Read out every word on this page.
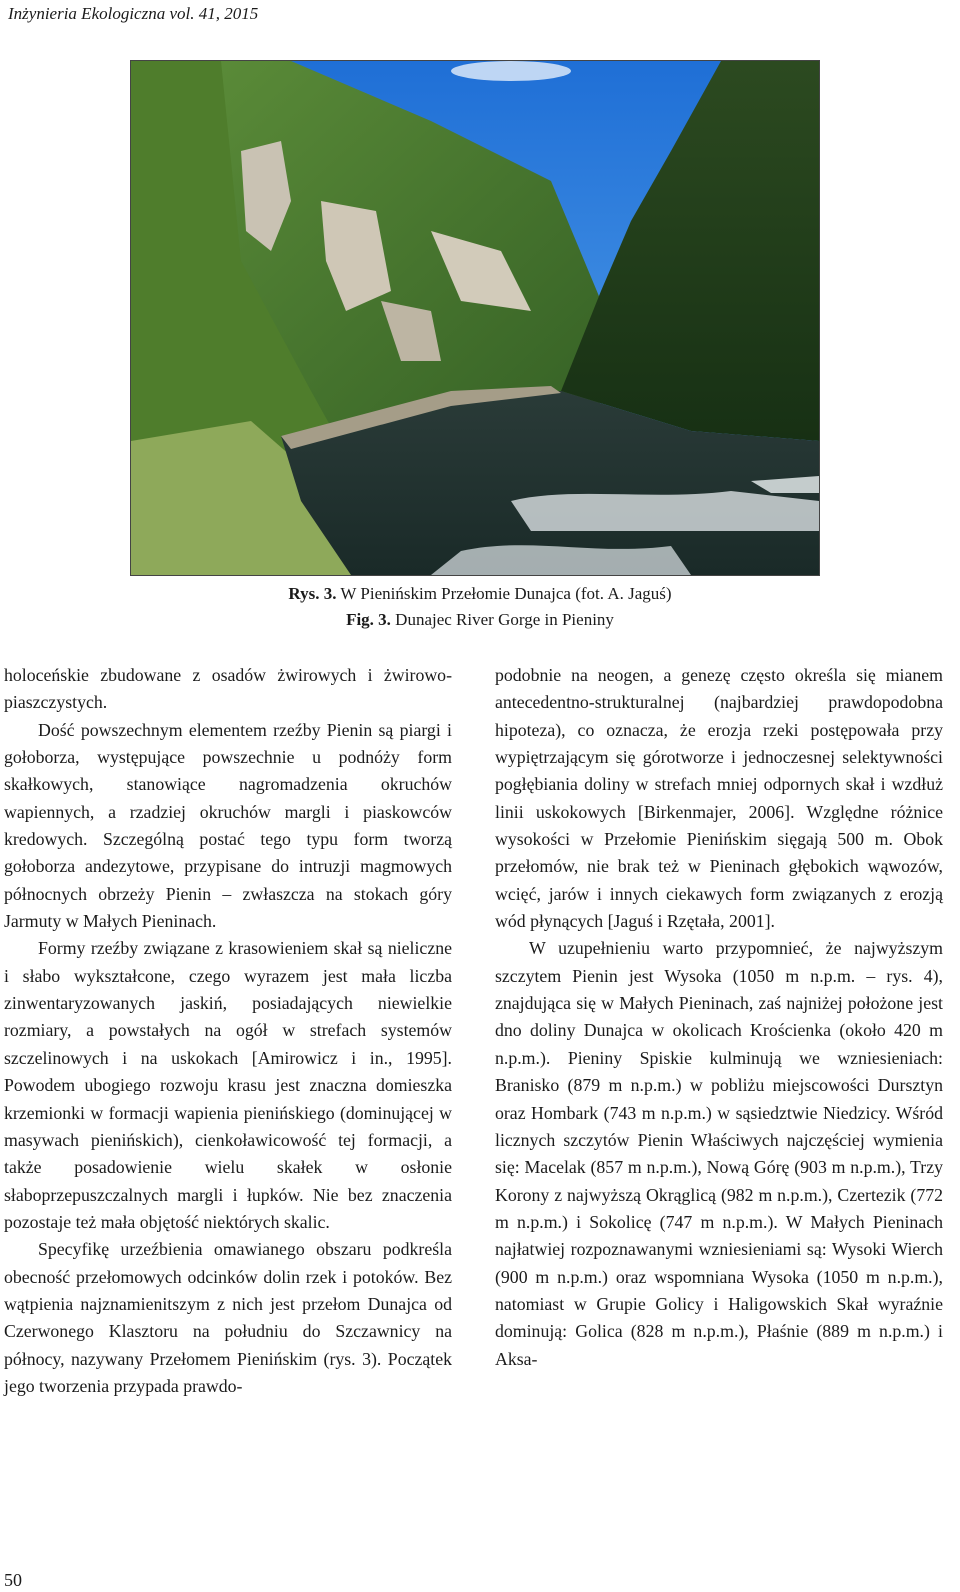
Inżynieria Ekologiczna vol. 41, 2015
Rys. 3. W Pienińskim Przełomie Dunajca (fot. A. Jaguś)
Fig. 3. Dunajec River Gorge in Pieniny

holoceńskie zbudowane z osadów żwirowych i żwirowo-piaszczystych.

Dość powszechnym elementem rzeźby Pienin są piargi i gołoborza, występujące powszechnie u podnóży form skałkowych, stanowiące nagromadzenia okruchów wapiennych, a rzadziej okruchów margli i piaskowców kredowych. Szczególną postać tego typu form tworzą gołoborza andezytowe, przypisane do intruzji magmowych północnych obrzeży Pienin – zwłaszcza na stokach góry Jarmuty w Małych Pieninach.

Formy rzeźby związane z krasowieniem skał są nieliczne i słabo wykształcone, czego wyrazem jest mała liczba zinwentaryzowanych jaskiń, posiadających niewielkie rozmiary, a powstałych na ogół w strefach systemów szczelinowych i na uskokach [Amirowicz i in., 1995]. Powodem ubogiego rozwoju krasu jest znaczna domieszka krzemionki w formacji wapienia pienińskiego (dominującej w masywach pienińskich), cienkoławicowość tej formacji, a także posadowienie wielu skałek w osłonie słaboprzepuszczalnych margli i łupków. Nie bez znaczenia pozostaje też mała objętość niektórych skalic.

Specyfikę urzeźbienia omawianego obszaru podkreśla obecność przełomowych odcinków dolin rzek i potoków. Bez wątpienia najznamienitszym z nich jest przełom Dunajca od Czerwonego Klasztoru na południu do Szczawnicy na północy, nazywany Przełomem Pienińskim (rys. 3). Początek jego tworzenia przypada prawdo-

podobnie na neogen, a genezę często określa się mianem antecedentno-strukturalnej (najbardziej prawdopodobna hipoteza), co oznacza, że erozja rzeki postępowała przy wypiętrzającym się górotworze i jednoczesnej selektywności pogłębiania doliny w strefach mniej odpornych skał i wzdłuż linii uskokowych [Birkenmajer, 2006]. Względne różnice wysokości w Przełomie Pienińskim sięgają 500 m. Obok przełomów, nie brak też w Pieninach głębokich wąwozów, wcięć, jarów i innych ciekawych form związanych z erozją wód płynących [Jaguś i Rzętała, 2001].

W uzupełnieniu warto przypomnieć, że najwyższym szczytem Pienin jest Wysoka (1050 m n.p.m. – rys. 4), znajdująca się w Małych Pieninach, zaś najniżej położone jest dno doliny Dunajca w okolicach Krościenka (około 420 m n.p.m.). Pieniny Spiskie kulminują we wzniesieniach: Branisko (879 m n.p.m.) w pobliżu miejscowości Dursztyn oraz Hombark (743 m n.p.m.) w sąsiedztwie Niedzicy. Wśród licznych szczytów Pienin Właściwych najczęściej wymienia się: Macelak (857 m n.p.m.), Nową Górę (903 m n.p.m.), Trzy Korony z najwyższą Okrąglicą (982 m n.p.m.), Czertezik (772 m n.p.m.) i Sokolicę (747 m n.p.m.). W Małych Pieninach najłatwiej rozpoznawanymi wzniesieniami są: Wysoki Wierch (900 m n.p.m.) oraz wspomniana Wysoka (1050 m n.p.m.), natomiast w Grupie Golicy i Haligowskich Skał wyraźnie dominują: Golica (828 m n.p.m.), Płaśnie (889 m n.p.m.) i Aksa-

50
